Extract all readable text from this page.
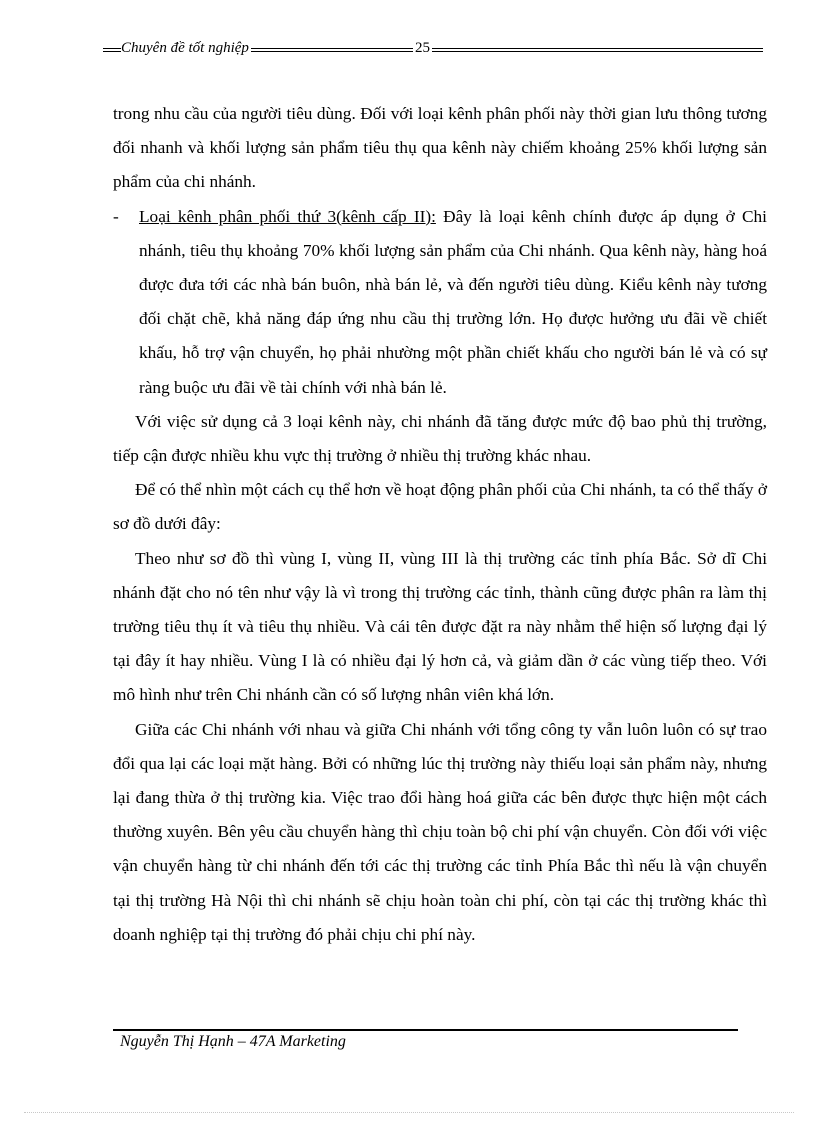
Chuyên đề tốt nghiệp	25

trong nhu cầu của người tiêu dùng. Đối với loại kênh phân phối này thời gian lưu thông tương đối nhanh và khối lượng sản phẩm tiêu thụ qua kênh này chiếm khoảng 25% khối lượng sản phẩm của chi nhánh.

-	Loại kênh phân phối thứ 3(kênh cấp II): Đây là loại kênh chính được áp dụng ở Chi nhánh, tiêu thụ khoảng 70% khối lượng sản phẩm của Chi nhánh. Qua kênh này, hàng hoá được đưa tới các nhà bán buôn, nhà bán lẻ, và đến người tiêu dùng. Kiểu kênh này tương đối chặt chẽ, khả năng đáp ứng nhu cầu thị trường lớn. Họ được hưởng ưu đãi về chiết khấu, hỗ trợ vận chuyển, họ phải nhường một phần chiết khấu cho người bán lẻ và có sự ràng buộc ưu đãi về tài chính với nhà bán lẻ.

Với việc sử dụng cả 3 loại kênh này, chi nhánh đã tăng được mức độ bao phủ thị trường, tiếp cận được nhiều khu vực thị trường ở nhiều thị trường khác nhau.

Để có thể nhìn một cách cụ thể hơn về hoạt động phân phối của Chi nhánh, ta có thể thấy ở sơ đồ dưới đây:

Theo như sơ đồ thì vùng I, vùng II, vùng III là thị trường các tỉnh phía Bắc. Sở dĩ Chi nhánh đặt cho nó tên như vậy là vì trong thị trường các tỉnh, thành cũng được phân ra làm thị trường tiêu thụ ít và tiêu thụ nhiều. Và cái tên được đặt ra này nhằm thể hiện số lượng đại lý tại đây ít hay nhiều. Vùng I là có nhiều đại lý hơn cả, và giảm dần ở các vùng tiếp theo. Với mô hình như trên Chi nhánh cần có số lượng nhân viên khá lớn.

Giữa các Chi nhánh với nhau và giữa Chi nhánh với tổng công ty vẫn luôn luôn có sự trao đổi qua lại các loại mặt hàng. Bởi có những lúc thị trường này thiếu loại sản phẩm này, nhưng lại đang thừa ở thị trường kia. Việc trao đổi hàng hoá giữa các bên được thực hiện một cách thường xuyên. Bên yêu cầu chuyển hàng thì chịu toàn bộ chi phí vận chuyển. Còn đối với việc vận chuyển hàng từ chi nhánh đến tới các thị trường các tỉnh Phía Bắc thì nếu là vận chuyển tại thị trường Hà Nội thì chi nhánh sẽ chịu hoàn toàn chi phí, còn tại các thị trường khác thì doanh nghiệp tại thị trường đó phải chịu chi phí này.

Nguyễn Thị Hạnh – 47A Marketing
